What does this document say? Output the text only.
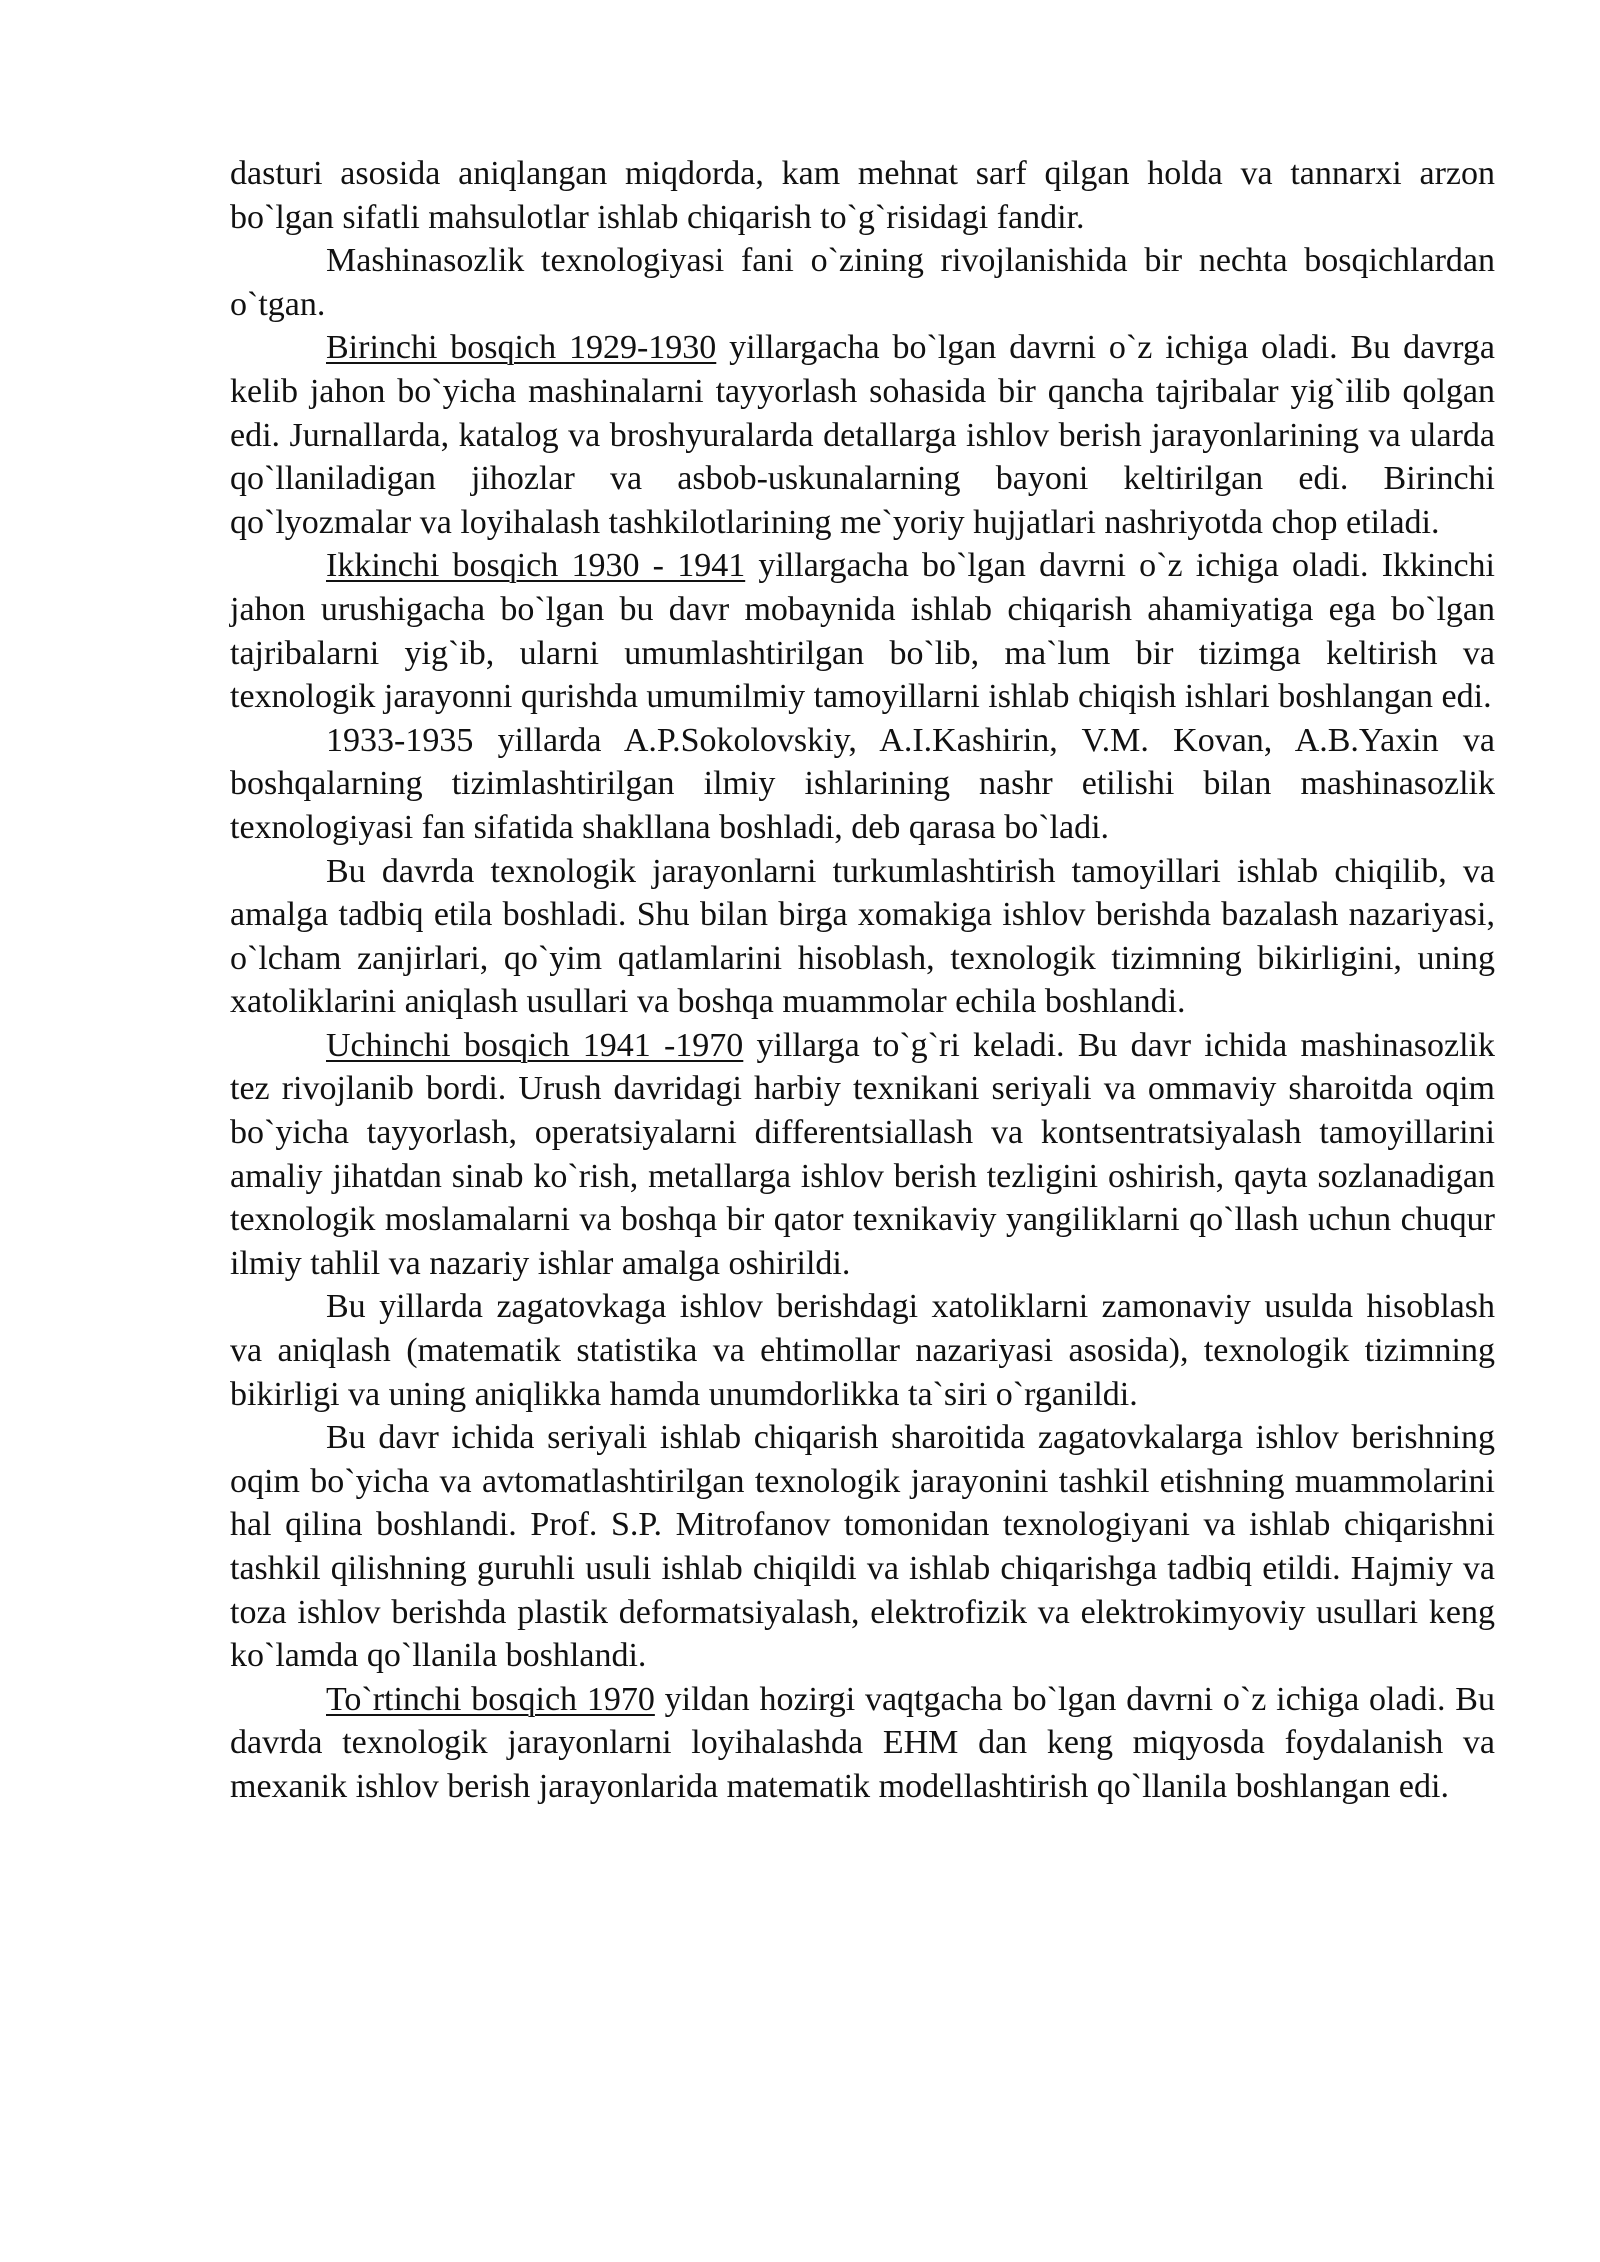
dasturi asosida aniqlangan miqdorda, kam mehnat sarf qilgan holda va tannarxi arzon bo`lgan sifatli mahsulotlar ishlab chiqarish to`g`risidagi fandir.

Mashinasozlik texnologiyasi fani o`zining rivojlanishida bir nechta bosqichlardan o`tgan.

Birinchi bosqich 1929-1930 yillargacha bo`lgan davrni o`z ichiga oladi. Bu davrga kelib jahon bo`yicha mashinalarni tayyorlash sohasida bir qancha tajribalar yig`ilib qolgan edi. Jurnallarda, katalog va broshyuralarda detallarga ishlov berish jarayonlarining va ularda qo`llaniladigan jihozlar va asbob-uskunalarning bayoni keltirilgan edi. Birinchi qo`lyozmalar va loyihalash tashkilotlarining me`yoriy hujjatlari nashriyotda chop etiladi.

Ikkinchi bosqich 1930 - 1941 yillargacha bo`lgan davrni o`z ichiga oladi. Ikkinchi jahon urushigacha bo`lgan bu davr mobaynida ishlab chiqarish ahamiyatiga ega bo`lgan tajribalarni yig`ib, ularni umumlashtirilgan bo`lib, ma`lum bir tizimga keltirish va texnologik jarayonni qurishda umumilmiy tamoyillarni ishlab chiqish ishlari boshlangan edi.

1933-1935 yillarda A.P.Sokolovskiy, A.I.Kashirin, V.M. Kovan, A.B.Yaxin va boshqalarning tizimlashtirilgan ilmiy ishlarining nashr etilishi bilan mashinasozlik texnologiyasi fan sifatida shakllana boshladi, deb qarasa bo`ladi.

Bu davrda texnologik jarayonlarni turkumlashtirish tamoyillari ishlab chiqilib, va amalga tadbiq etila boshladi. Shu bilan birga xomakiga ishlov berishda bazalash nazariyasi, o`lcham zanjirlari, qo`yim qatlamlarini hisoblash, texnologik tizimning bikirligini, uning xatoliklarini aniqlash usullari va boshqa muammolar echila boshlandi.

Uchinchi bosqich 1941 -1970 yillarga to`g`ri keladi. Bu davr ichida mashinasozlik tez rivojlanib bordi. Urush davridagi harbiy texnikani seriyali va ommaviy sharoitda oqim bo`yicha tayyorlash, operatsiyalarni differentsiallash va kontsentratsiyalash tamoyillarini amaliy jihatdan sinab ko`rish, metallarga ishlov berish tezligini oshirish, qayta sozlanadigan texnologik moslamalarni va boshqa bir qator texnikaviy yangiliklarni qo`llash uchun chuqur ilmiy tahlil va nazariy ishlar amalga oshirildi.

Bu yillarda zagatovkaga ishlov berishdagi xatoliklarni zamonaviy usulda hisoblash va aniqlash (matematik statistika va ehtimollar nazariyasi asosida), texnologik tizimning bikirligi va uning aniqlikka hamda unumdorlikka ta`siri o`rganildi.

Bu davr ichida seriyali ishlab chiqarish sharoitida zagatovkalarga ishlov berishning oqim bo`yicha va avtomatlashtirilgan texnologik jarayonini tashkil etishning muammolarini hal qilina boshlandi. Prof. S.P. Mitrofanov tomonidan texnologiyani va ishlab chiqarishni tashkil qilishning guruhli usuli ishlab chiqildi va ishlab chiqarishga tadbiq etildi. Hajmiy va toza ishlov berishda plastik deformatsiyalash, elektrofizik va elektrokimyoviy usullari keng ko`lamda qo`llanila boshlandi.

To`rtinchi bosqich 1970 yildan hozirgi vaqtgacha bo`lgan davrni o`z ichiga oladi. Bu davrda texnologik jarayonlarni loyihalashda EHM dan keng miqyosda foydalanish va mexanik ishlov berish jarayonlarida matematik modellashtirish qo`llanila boshlangan edi.
